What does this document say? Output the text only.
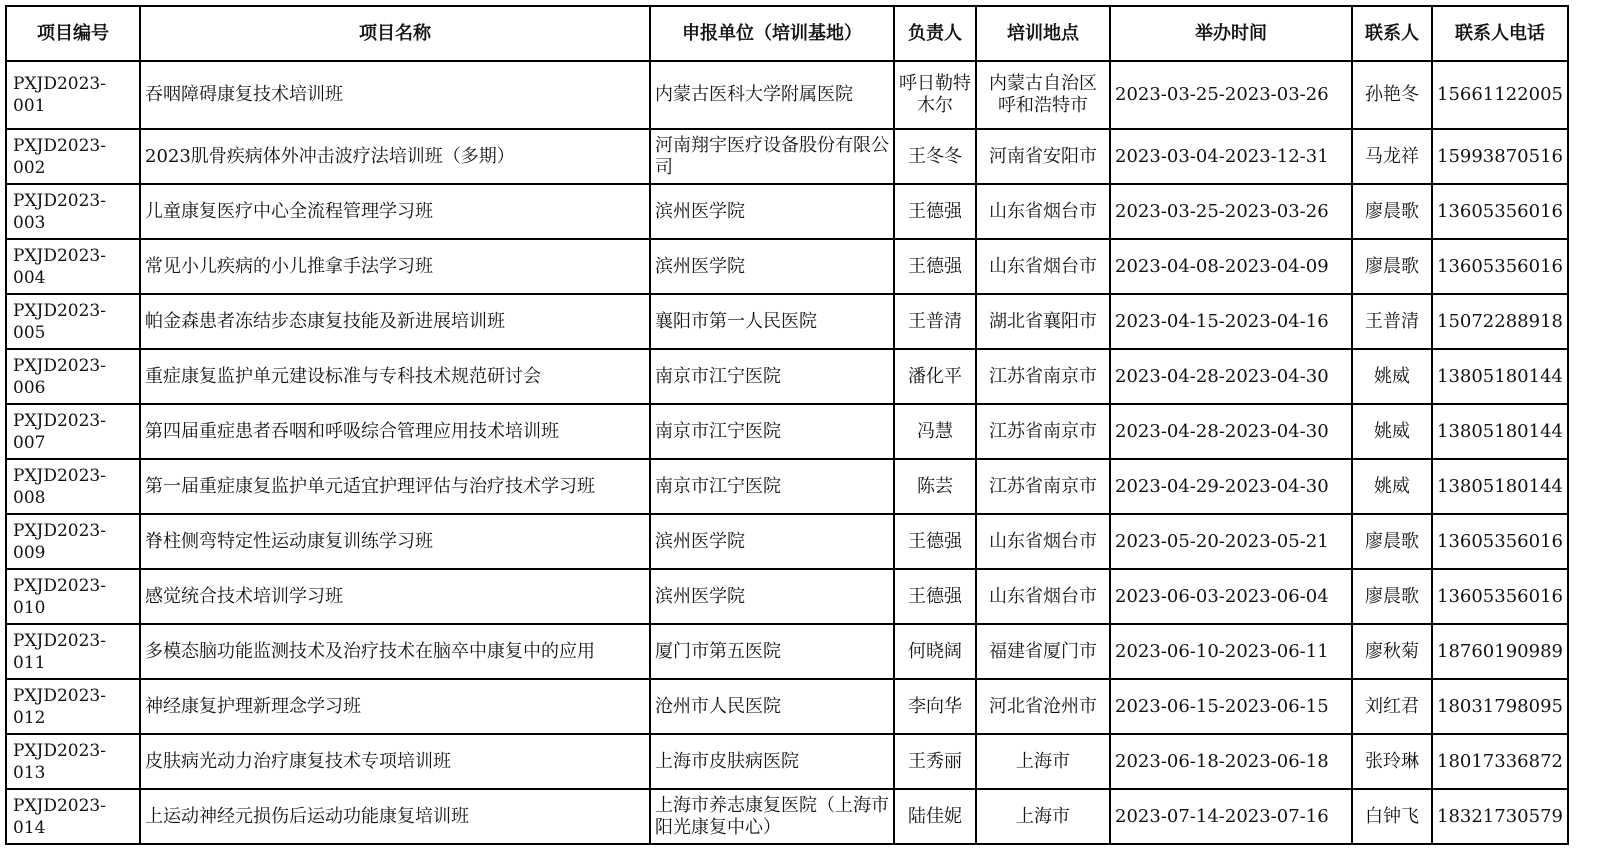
项目编号	项目名称	申报单位（培训基地）	负责人	培训地点	举办时间	联系人	联系人电话
PXJD2023-001	吞咽障碍康复技术培训班	内蒙古医科大学附属医院	呼日勒特木尔	内蒙古自治区呼和浩特市	2023-03-25-2023-03-26	孙艳冬	15661122005
PXJD2023-002	2023肌骨疾病体外冲击波疗法培训班（多期）	河南翔宇医疗设备股份有限公司	王冬冬	河南省安阳市	2023-03-04-2023-12-31	马龙祥	15993870516
PXJD2023-003	儿童康复医疗中心全流程管理学习班	滨州医学院	王德强	山东省烟台市	2023-03-25-2023-03-26	廖晨歌	13605356016
PXJD2023-004	常见小儿疾病的小儿推拿手法学习班	滨州医学院	王德强	山东省烟台市	2023-04-08-2023-04-09	廖晨歌	13605356016
PXJD2023-005	帕金森患者冻结步态康复技能及新进展培训班	襄阳市第一人民医院	王普清	湖北省襄阳市	2023-04-15-2023-04-16	王普清	15072288918
PXJD2023-006	重症康复监护单元建设标准与专科技术规范研讨会	南京市江宁医院	潘化平	江苏省南京市	2023-04-28-2023-04-30	姚威	13805180144
PXJD2023-007	第四届重症患者吞咽和呼吸综合管理应用技术培训班	南京市江宁医院	冯慧	江苏省南京市	2023-04-28-2023-04-30	姚威	13805180144
PXJD2023-008	第一届重症康复监护单元适宜护理评估与治疗技术学习班	南京市江宁医院	陈芸	江苏省南京市	2023-04-29-2023-04-30	姚威	13805180144
PXJD2023-009	脊柱侧弯特定性运动康复训练学习班	滨州医学院	王德强	山东省烟台市	2023-05-20-2023-05-21	廖晨歌	13605356016
PXJD2023-010	感觉统合技术培训学习班	滨州医学院	王德强	山东省烟台市	2023-06-03-2023-06-04	廖晨歌	13605356016
PXJD2023-011	多模态脑功能监测技术及治疗技术在脑卒中康复中的应用	厦门市第五医院	何晓阔	福建省厦门市	2023-06-10-2023-06-11	廖秋菊	18760190989
PXJD2023-012	神经康复护理新理念学习班	沧州市人民医院	李向华	河北省沧州市	2023-06-15-2023-06-15	刘红君	18031798095
PXJD2023-013	皮肤病光动力治疗康复技术专项培训班	上海市皮肤病医院	王秀丽	上海市	2023-06-18-2023-06-18	张玲琳	18017336872
PXJD2023-014	上运动神经元损伤后运动功能康复培训班	上海市养志康复医院（上海市阳光康复中心）	陆佳妮	上海市	2023-07-14-2023-07-16	白钟飞	18321730579
